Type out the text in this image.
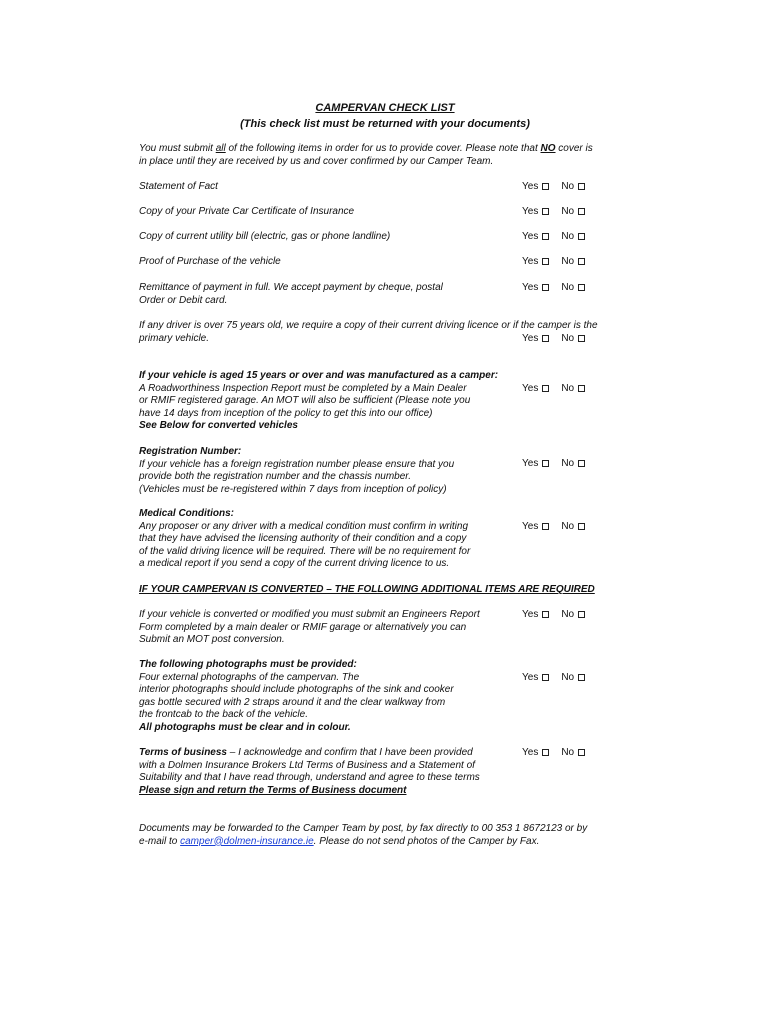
CAMPERVAN CHECK LIST
(This check list must be returned with your documents)
You must submit all of the following items in order for us to provide cover. Please note that NO cover is
in place until they are received by us and cover confirmed by our Camper Team.
Statement of Fact	Yes No
Copy of your Private Car Certificate of Insurance	Yes No
Copy of current utility bill (electric, gas or phone landline)	Yes No
Proof of Purchase of the vehicle	Yes No
Remittance of payment in full. We accept payment by cheque, postal
Order or Debit card.
Yes No
If any driver is over 75 years old, we require a copy of their current driving licence or if the camper is the
primary vehicle.	Yes No
If your vehicle is aged 15 years or over and was manufactured as a camper:
A Roadworthiness Inspection Report must be completed by a Main Dealer
or RMIF registered garage. An MOT will also be sufficient (Please note you
have 14 days from inception of the policy to get this into our office)
See Below for converted vehicles
Yes No
Registration Number:
If your vehicle has a foreign registration number please ensure that you
provide both the registration number and the chassis number.
(Vehicles must be re-registered within 7 days from inception of policy)
Yes No
Medical Conditions:
Any proposer or any driver with a medical condition must confirm in writing
that they have advised the licensing authority of their condition and a copy
of the valid driving licence will be required. There will be no requirement for
a medical report if you send a copy of the current driving licence to us.
Yes No
IF YOUR CAMPERVAN IS CONVERTED – THE FOLLOWING ADDITIONAL ITEMS ARE REQUIRED
If your vehicle is converted or modified you must submit an Engineers Report
Form completed by a main dealer or RMIF garage or alternatively you can
Submit an MOT post conversion.
Yes No
The following photographs must be provided:
Four external photographs of the campervan. The
interior photographs should include photographs of the sink and cooker
gas bottle secured with 2 straps around it and the clear walkway from
the frontcab to the back of the vehicle.
All photographs must be clear and in colour.
Yes No
Terms of business – I acknowledge and confirm that I have been provided
with a Dolmen Insurance Brokers Ltd Terms of Business and a Statement of
Suitability and that I have read through, understand and agree to these terms
Please sign and return the Terms of Business document
Yes No
Documents may be forwarded to the Camper Team by post, by fax directly to 00 353 1 8672123 or by
e-mail to camper@dolmen-insurance.ie. Please do not send photos of the Camper by Fax.
